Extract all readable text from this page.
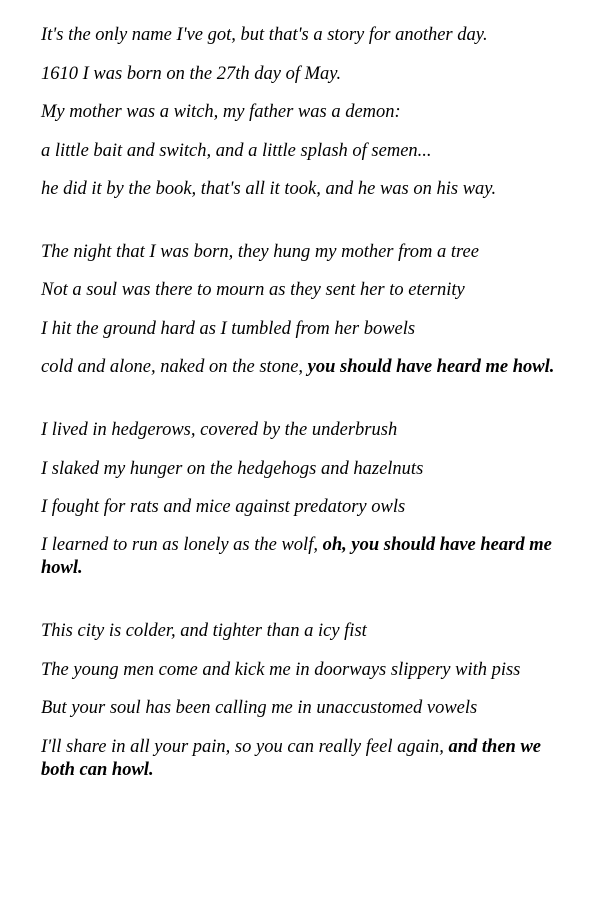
It's the only name I've got, but that's a story for another day.
1610 I was born on the 27th day of May.
My mother was a witch, my father was a demon:
a little bait and switch, and a little splash of semen...
he did it by the book, that's all it took, and he was on his way.
The night that I was born, they hung my mother from a tree
Not a soul was there to mourn as they sent her to eternity
I hit the ground hard as I tumbled from her bowels
cold and alone, naked on the stone, you should have heard me howl.
I lived in hedgerows, covered by the underbrush
I slaked my hunger on the hedgehogs and hazelnuts
I fought for rats and mice against predatory owls
I learned to run as lonely as the wolf, oh, you should have heard me howl.
This city is colder, and tighter than a icy fist
The young men come and kick me in doorways slippery with piss
But your soul has been calling me in unaccustomed vowels
I'll share in all your pain, so you can really feel again, and then we both can howl.
